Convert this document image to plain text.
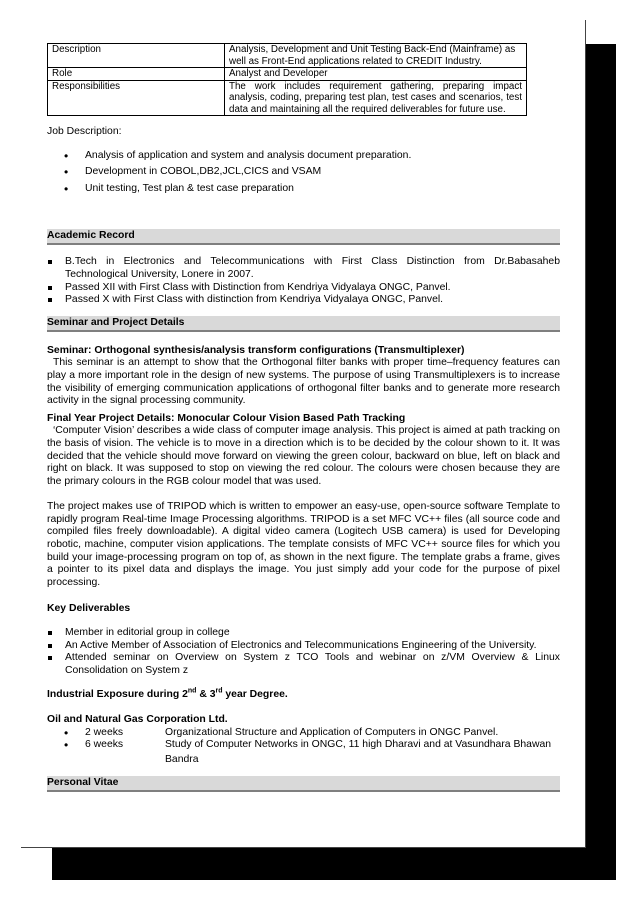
Description	Analysis, Development and Unit Testing Back-End (Mainframe) as well as Front-End applications related to CREDIT Industry.
Role	Analyst and Developer
Responsibilities	The work includes requirement gathering, preparing impact analysis, coding, preparing test plan, test cases and scenarios, test data and maintaining all the required deliverables for future use.

Job Description:

• Analysis of application and system and analysis document preparation.
• Development in COBOL,DB2,JCL,CICS and VSAM
• Unit testing, Test plan & test case preparation
Academic Record
B.Tech in Electronics and Telecommunications with First Class Distinction from Dr.Babasaheb Technological University, Lonere in 2007.
Passed XII with First Class with Distinction from Kendriya Vidyalaya ONGC, Panvel.
Passed X with First Class with distinction from Kendriya Vidyalaya ONGC, Panvel.
Seminar and Project Details

Seminar: Orthogonal synthesis/analysis transform configurations (Transmultiplexer)

This seminar is an attempt to show that the Orthogonal filter banks with proper time–frequency features can play a more important role in the design of new systems. The purpose of using Transmultiplexers is to increase the visibility of emerging communication applications of orthogonal filter banks and to generate more research activity in the signal processing community.

Final Year Project Details: Monocular Colour Vision Based Path Tracking

‘Computer Vision’ describes a wide class of computer image analysis. This project is aimed at path tracking on the basis of vision. The vehicle is to move in a direction which is to be decided by the colour shown to it. It was decided that the vehicle should move forward on viewing the green colour, backward on blue, left on black and right on black. It was supposed to stop on viewing the red colour. The colours were chosen because they are the primary colours in the RGB colour model that was used.

The project makes use of TRIPOD which is written to empower an easy-use, open-source software Template to rapidly program Real-time Image Processing algorithms. TRIPOD is a set MFC VC++ files (all source code and compiled files freely downloadable). A digital video camera (Logitech USB camera) is used for Developing robotic, machine, computer vision applications. The template consists of MFC VC++ source files for which you build your image-processing program on top of, as shown in the next figure. The template grabs a frame, gives a pointer to its pixel data and displays the image. You just simply add your code for the purpose of pixel processing.

Key Deliverables

Member in editorial group in college
An Active Member of Association of Electronics and Telecommunications Engineering of the University.
Attended seminar on Overview on System z TCO Tools and webinar on z/VM Overview & Linux Consolidation on System z

Industrial Exposure during 2nd & 3rd year Degree.

Oil and Natural Gas Corporation Ltd.

• 2 weeks	Organizational Structure and Application of Computers in ONGC Panvel.
• 6 weeks	Study of Computer Networks in ONGC, 11 high Dharavi and at Vasundhara Bhawan

Bandra

Personal Vitae
